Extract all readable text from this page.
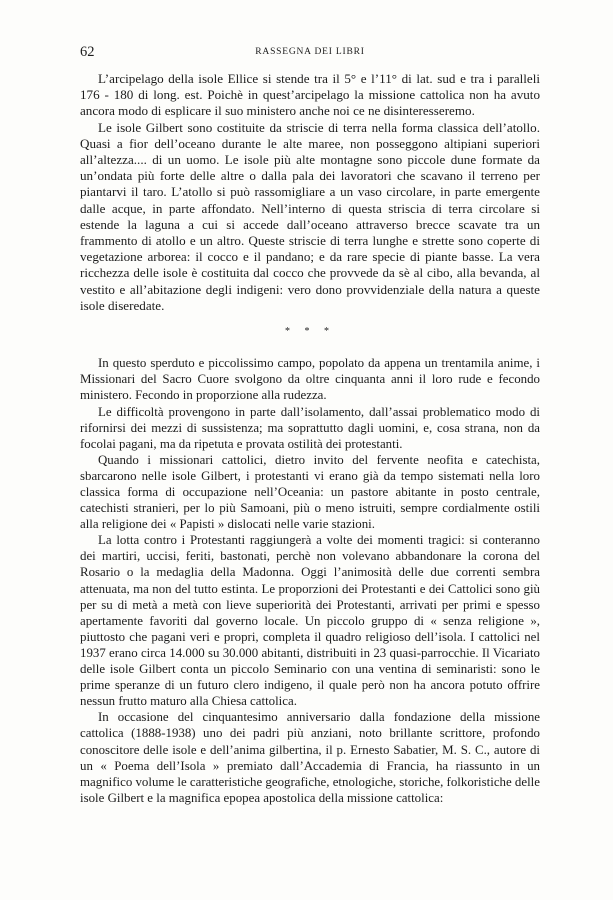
62	RASSEGNA DEI LIBRI

L’arcipelago della isole Ellice si stende tra il 5° e l’11° di lat. sud e tra i paralleli 176 - 180 di long. est. Poichè in quest’arcipelago la missione cattolica non ha avuto ancora modo di esplicare il suo ministero anche noi ce ne disinteresseremo.

Le isole Gilbert sono costituite da striscie di terra nella forma classica dell’atollo. Quasi a fior dell’oceano durante le alte maree, non posseggono altipiani superiori all’altezza.... di un uomo. Le isole più alte montagne sono piccole dune formate da un’ondata più forte delle altre o dalla pala dei lavoratori che scavano il terreno per piantarvi il taro. L’atollo si può rassomigliare a un vaso circolare, in parte emergente dalle acque, in parte affondato. Nell’interno di questa striscia di terra circolare si estende la laguna a cui si accede dall’oceano attraverso brecce scavate tra un frammento di atollo e un altro. Queste striscie di terra lunghe e strette sono coperte di vegetazione arborea: il cocco e il pandano; e da rare specie di piante basse. La vera ricchezza delle isole è costituita dal cocco che provvede da sè al cibo, alla bevanda, al vestito e all’abitazione degli indigeni: vero dono provvidenziale della natura a queste isole diseredate.

* * *

In questo sperduto e piccolissimo campo, popolato da appena un trentamila anime, i Missionari del Sacro Cuore svolgono da oltre cinquanta anni il loro rude e fecondo ministero. Fecondo in proporzione alla rudezza.

Le difficoltà provengono in parte dall’isolamento, dall’assai problematico modo di rifornirsi dei mezzi di sussistenza; ma soprattutto dagli uomini, e, cosa strana, non da focolai pagani, ma da ripetuta e provata ostilità dei protestanti.

Quando i missionari cattolici, dietro invito del fervente neofita e catechista, sbarcarono nelle isole Gilbert, i protestanti vi erano già da tempo sistemati nella loro classica forma di occupazione nell’Oceania: un pastore abitante in posto centrale, catechisti stranieri, per lo più Samoani, più o meno istruiti, sempre cordialmente ostili alla religione dei « Papisti » dislocati nelle varie stazioni.

La lotta contro i Protestanti raggiungerà a volte dei momenti tragici: si conteranno dei martiri, uccisi, feriti, bastonati, perchè non volevano abbandonare la corona del Rosario o la medaglia della Madonna. Oggi l’animosità delle due correnti sembra attenuata, ma non del tutto estinta. Le proporzioni dei Protestanti e dei Cattolici sono giù per su di metà a metà con lieve superiorità dei Protestanti, arrivati per primi e spesso apertamente favoriti dal governo locale. Un piccolo gruppo di « senza religione », piuttosto che pagani veri e propri, completa il quadro religioso dell’isola. I cattolici nel 1937 erano circa 14.000 su 30.000 abitanti, distribuiti in 23 quasi-parrocchie. Il Vicariato delle isole Gilbert conta un piccolo Seminario con una ventina di seminaristi: sono le prime speranze di un futuro clero indigeno, il quale però non ha ancora potuto offrire nessun frutto maturo alla Chiesa cattolica.

In occasione del cinquantesimo anniversario dalla fondazione della missione cattolica (1888-1938) uno dei padri più anziani, noto brillante scrittore, profondo conoscitore delle isole e dell’anima gilbertina, il p. Ernesto Sabatier, M. S. C., autore di un « Poema dell’Isola » premiato dall’Accademia di Francia, ha riassunto in un magnifico volume le caratteristiche geografiche, etnologiche, storiche, folkoristiche delle isole Gilbert e la magnifica epopea apostolica della missione cattolica:
